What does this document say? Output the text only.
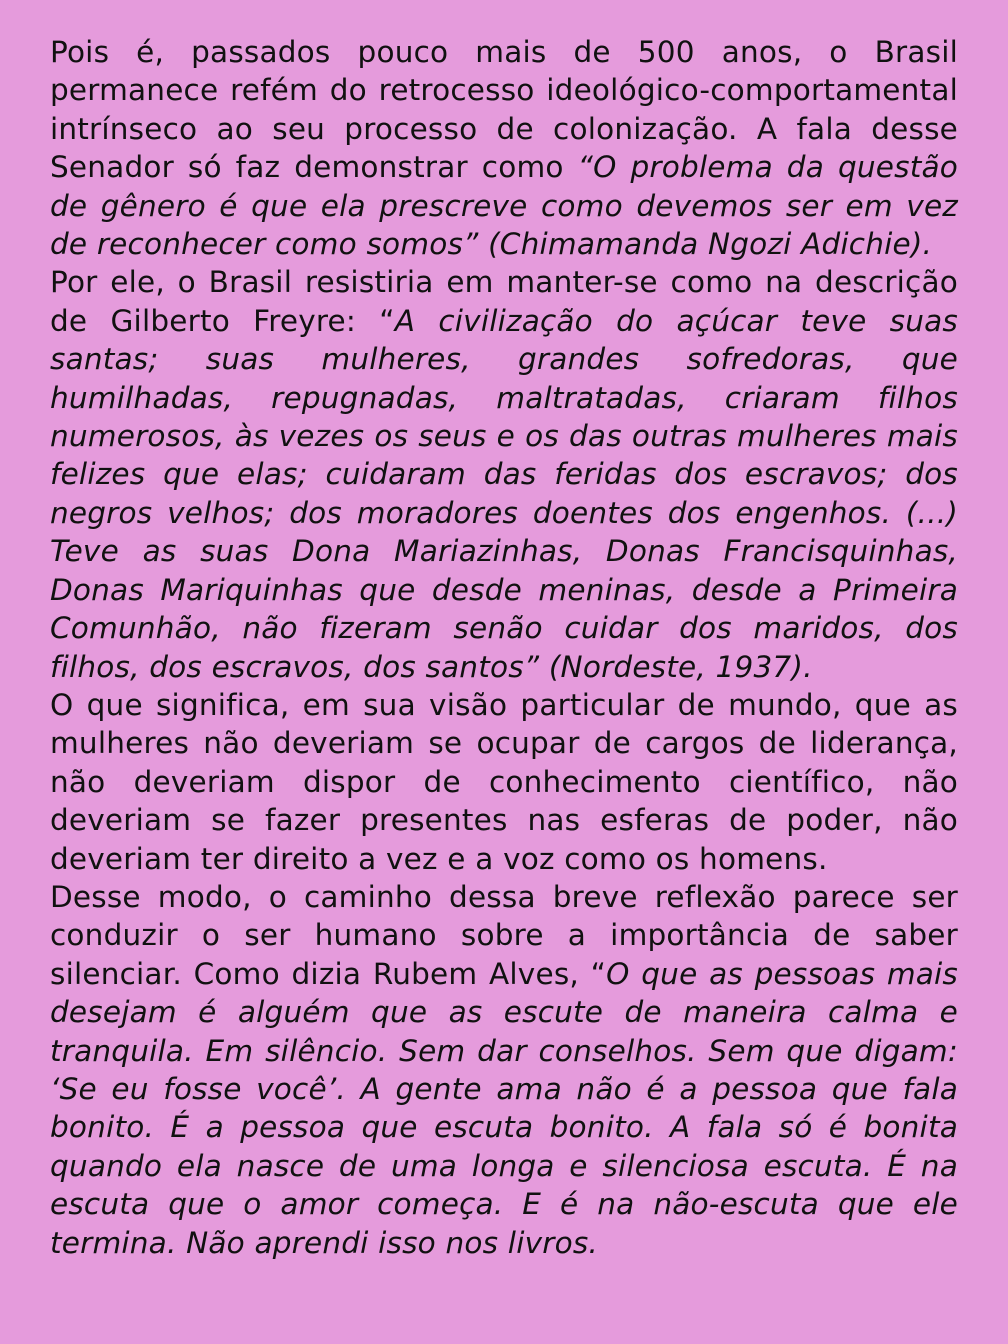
Pois é, passados pouco mais de 500 anos, o Brasil permanece refém do retrocesso ideológico-comportamental intrínseco ao seu processo de colonização. A fala desse Senador só faz demonstrar como “O problema da questão de gênero é que ela prescreve como devemos ser em vez de reconhecer como somos” (Chimamanda Ngozi Adichie).

Por ele, o Brasil resistiria em manter-se como na descrição de Gilberto Freyre: “A civilização do açúcar teve suas santas; suas mulheres, grandes sofredoras, que humilhadas, repugnadas, maltratadas, criaram filhos numerosos, às vezes os seus e os das outras mulheres mais felizes que elas; cuidaram das feridas dos escravos; dos negros velhos; dos moradores doentes dos engenhos. (...) Teve as suas Dona Mariazinhas, Donas Francisquinhas, Donas Mariquinhas que desde meninas, desde a Primeira Comunhão, não fizeram senão cuidar dos maridos, dos filhos, dos escravos, dos santos” (Nordeste, 1937).

O que significa, em sua visão particular de mundo, que as mulheres não deveriam se ocupar de cargos de liderança, não deveriam dispor de conhecimento científico, não deveriam se fazer presentes nas esferas de poder, não deveriam ter direito a vez e a voz como os homens.

Desse modo, o caminho dessa breve reflexão parece ser conduzir o ser humano sobre a importância de saber silenciar. Como dizia Rubem Alves, “O que as pessoas mais desejam é alguém que as escute de maneira calma e tranquila. Em silêncio. Sem dar conselhos. Sem que digam: ‘Se eu fosse você’. A gente ama não é a pessoa que fala bonito. É a pessoa que escuta bonito. A fala só é bonita quando ela nasce de uma longa e silenciosa escuta. É na escuta que o amor começa. E é na não-escuta que ele termina. Não aprendi isso nos livros.
